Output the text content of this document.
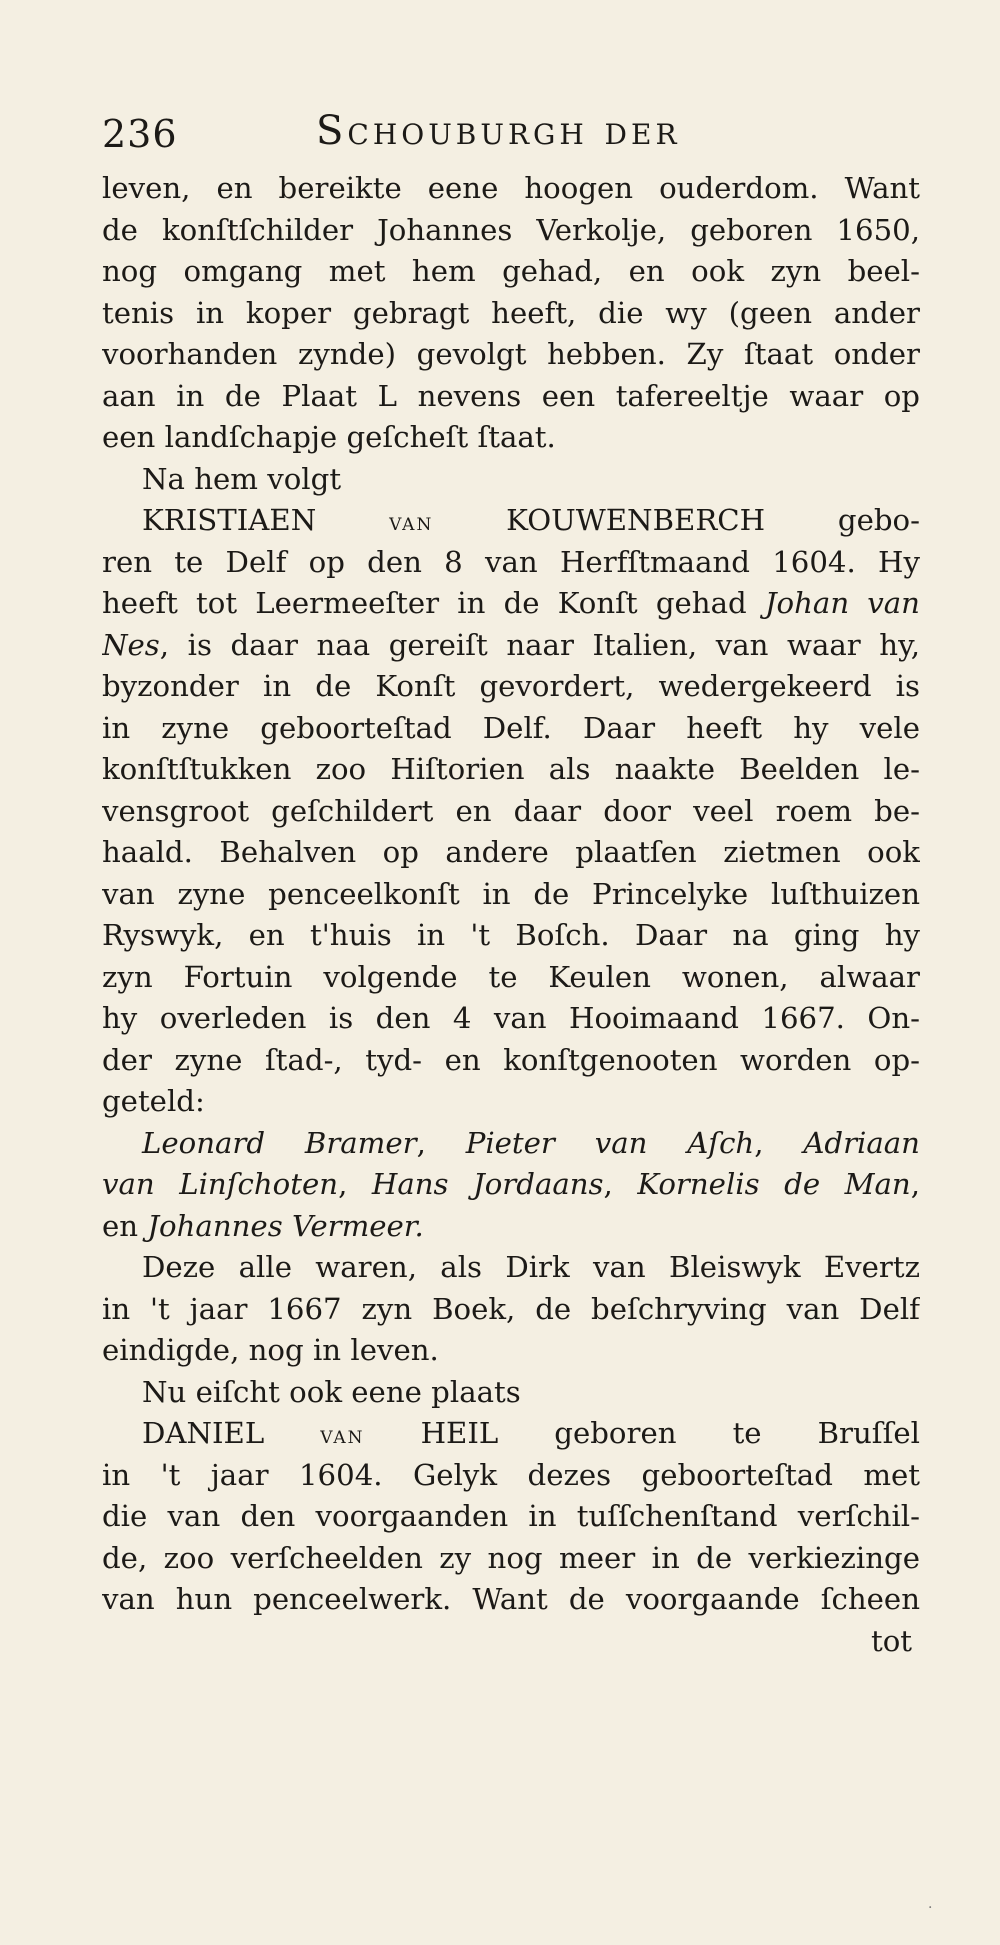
236	Schouburgh der
leven, en bereikte eene hoogen ouderdom. Want
de konſtſchilder Johannes Verkolje, geboren 1650,
nog omgang met hem gehad, en ook zyn beel-
tenis in koper gebragt heeft, die wy (geen ander
voorhanden zynde) gevolgt hebben. Zy ſtaat onder
aan in de Plaat L nevens een tafereeltje waar op
een landſchapje geſcheſt ſtaat.
Na hem volgt
KRISTIAEN van KOUWENBERCH gebo-
ren te Delf op den 8 van Herfſtmaand 1604. Hy
heeft tot Leermeeſter in de Konſt gehad Johan van
Nes, is daar naa gereiſt naar Italien, van waar hy,
byzonder in de Konſt gevordert, wedergekeerd is
in zyne geboorteſtad Delf. Daar heeft hy vele
konſtſtukken zoo Hiſtorien als naakte Beelden le-
vensgroot geſchildert en daar door veel roem be-
haald. Behalven op andere plaatſen zietmen ook
van zyne penceelkonſt in de Princelyke luſthuizen
Ryswyk, en t'huis in 't Boſch. Daar na ging hy
zyn Fortuin volgende te Keulen wonen, alwaar
hy overleden is den 4 van Hooimaand 1667. On-
der zyne ſtad-, tyd- en konſtgenooten worden op-
geteld:
Leonard Bramer, Pieter van Aſch, Adriaan
van Linſchoten, Hans Jordaans, Kornelis de Man,
en Johannes Vermeer.
Deze alle waren, als Dirk van Bleiswyk Evertz
in 't jaar 1667 zyn Boek, de beſchryving van Delf
eindigde, nog in leven.
Nu eiſcht ook eene plaats
DANIEL van HEIL geboren te Bruſſel
in 't jaar 1604. Gelyk dezes geboorteſtad met
die van den voorgaanden in tuſſchenſtand verſchil-
de, zoo verſcheelden zy nog meer in de verkiezinge
van hun penceelwerk. Want de voorgaande ſcheen
tot
·
